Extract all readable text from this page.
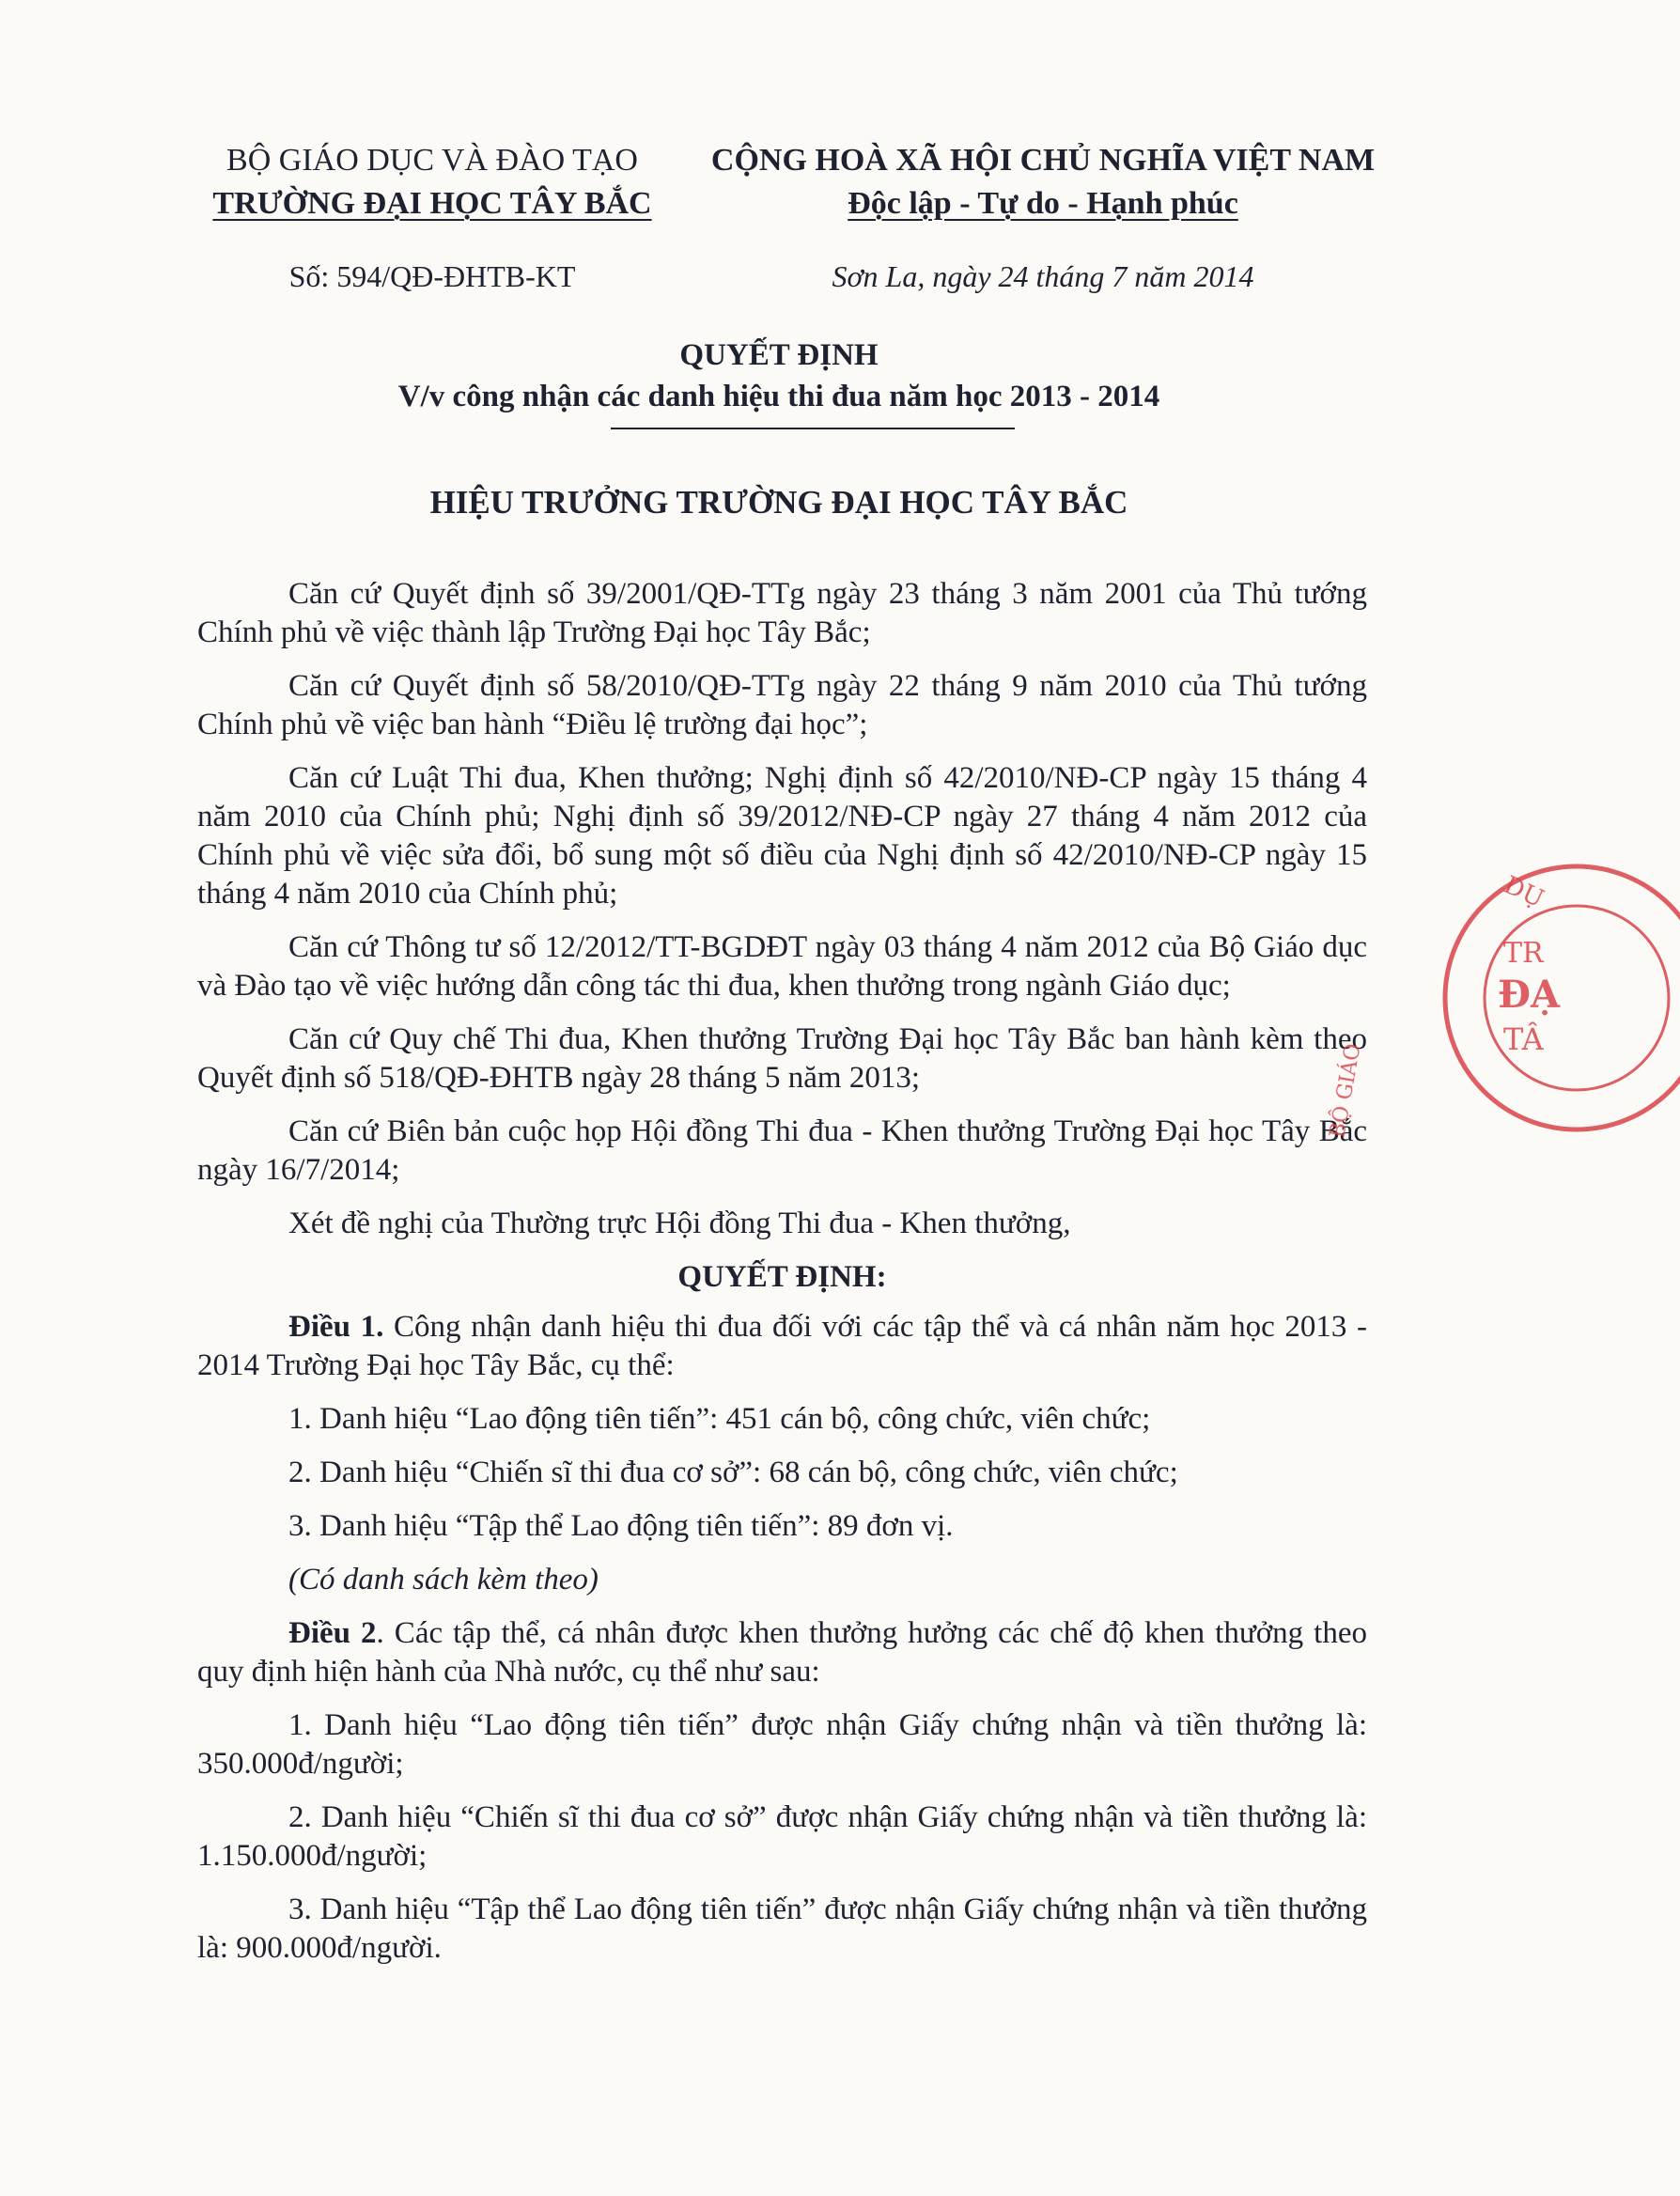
BỘ GIÁO DỤC VÀ ĐÀO TẠO
TRƯỜNG ĐẠI HỌC TÂY BẮC
CỘNG HOÀ XÃ HỘI CHỦ NGHĨA VIỆT NAM
Độc lập - Tự do - Hạnh phúc
Số: 594/QĐ-ĐHTB-KT	Sơn La, ngày 24 tháng 7 năm 2014
QUYẾT ĐỊNH
V/v công nhận các danh hiệu thi đua năm học 2013 - 2014
HIỆU TRƯỞNG TRƯỜNG ĐẠI HỌC TÂY BẮC

Căn cứ Quyết định số 39/2001/QĐ-TTg ngày 23 tháng 3 năm 2001 của Thủ tướng Chính phủ về việc thành lập Trường Đại học Tây Bắc;

Căn cứ Quyết định số 58/2010/QĐ-TTg ngày 22 tháng 9 năm 2010 của Thủ tướng Chính phủ về việc ban hành “Điều lệ trường đại học”;

Căn cứ Luật Thi đua, Khen thưởng; Nghị định số 42/2010/NĐ-CP ngày 15 tháng 4 năm 2010 của Chính phủ; Nghị định số 39/2012/NĐ-CP ngày 27 tháng 4 năm 2012 của Chính phủ về việc sửa đổi, bổ sung một số điều của Nghị định số 42/2010/NĐ-CP ngày 15 tháng 4 năm 2010 của Chính phủ;

Căn cứ Thông tư số 12/2012/TT-BGDĐT ngày 03 tháng 4 năm 2012 của Bộ Giáo dục và Đào tạo về việc hướng dẫn công tác thi đua, khen thưởng trong ngành Giáo dục;

Căn cứ Quy chế Thi đua, Khen thưởng Trường Đại học Tây Bắc ban hành kèm theo Quyết định số 518/QĐ-ĐHTB ngày 28 tháng 5 năm 2013;

Căn cứ Biên bản cuộc họp Hội đồng Thi đua - Khen thưởng Trường Đại học Tây Bắc ngày 16/7/2014;

Xét đề nghị của Thường trực Hội đồng Thi đua - Khen thưởng,

QUYẾT ĐỊNH:

Điều 1. Công nhận danh hiệu thi đua đối với các tập thể và cá nhân năm học 2013 - 2014 Trường Đại học Tây Bắc, cụ thể:

1. Danh hiệu “Lao động tiên tiến”: 451 cán bộ, công chức, viên chức;

2. Danh hiệu “Chiến sĩ thi đua cơ sở”: 68 cán bộ, công chức, viên chức;

3. Danh hiệu “Tập thể Lao động tiên tiến”: 89 đơn vị.

(Có danh sách kèm theo)

Điều 2. Các tập thể, cá nhân được khen thưởng hưởng các chế độ khen thưởng theo quy định hiện hành của Nhà nước, cụ thể như sau:

1. Danh hiệu “Lao động tiên tiến” được nhận Giấy chứng nhận và tiền thưởng là: 350.000đ/người;

2. Danh hiệu “Chiến sĩ thi đua cơ sở” được nhận Giấy chứng nhận và tiền thưởng là: 1.150.000đ/người;

3. Danh hiệu “Tập thể Lao động tiên tiến” được nhận Giấy chứng nhận và tiền thưởng là: 900.000đ/người.

DỤ
BỘ GIÁO
TR
ĐẠ
TÂ
